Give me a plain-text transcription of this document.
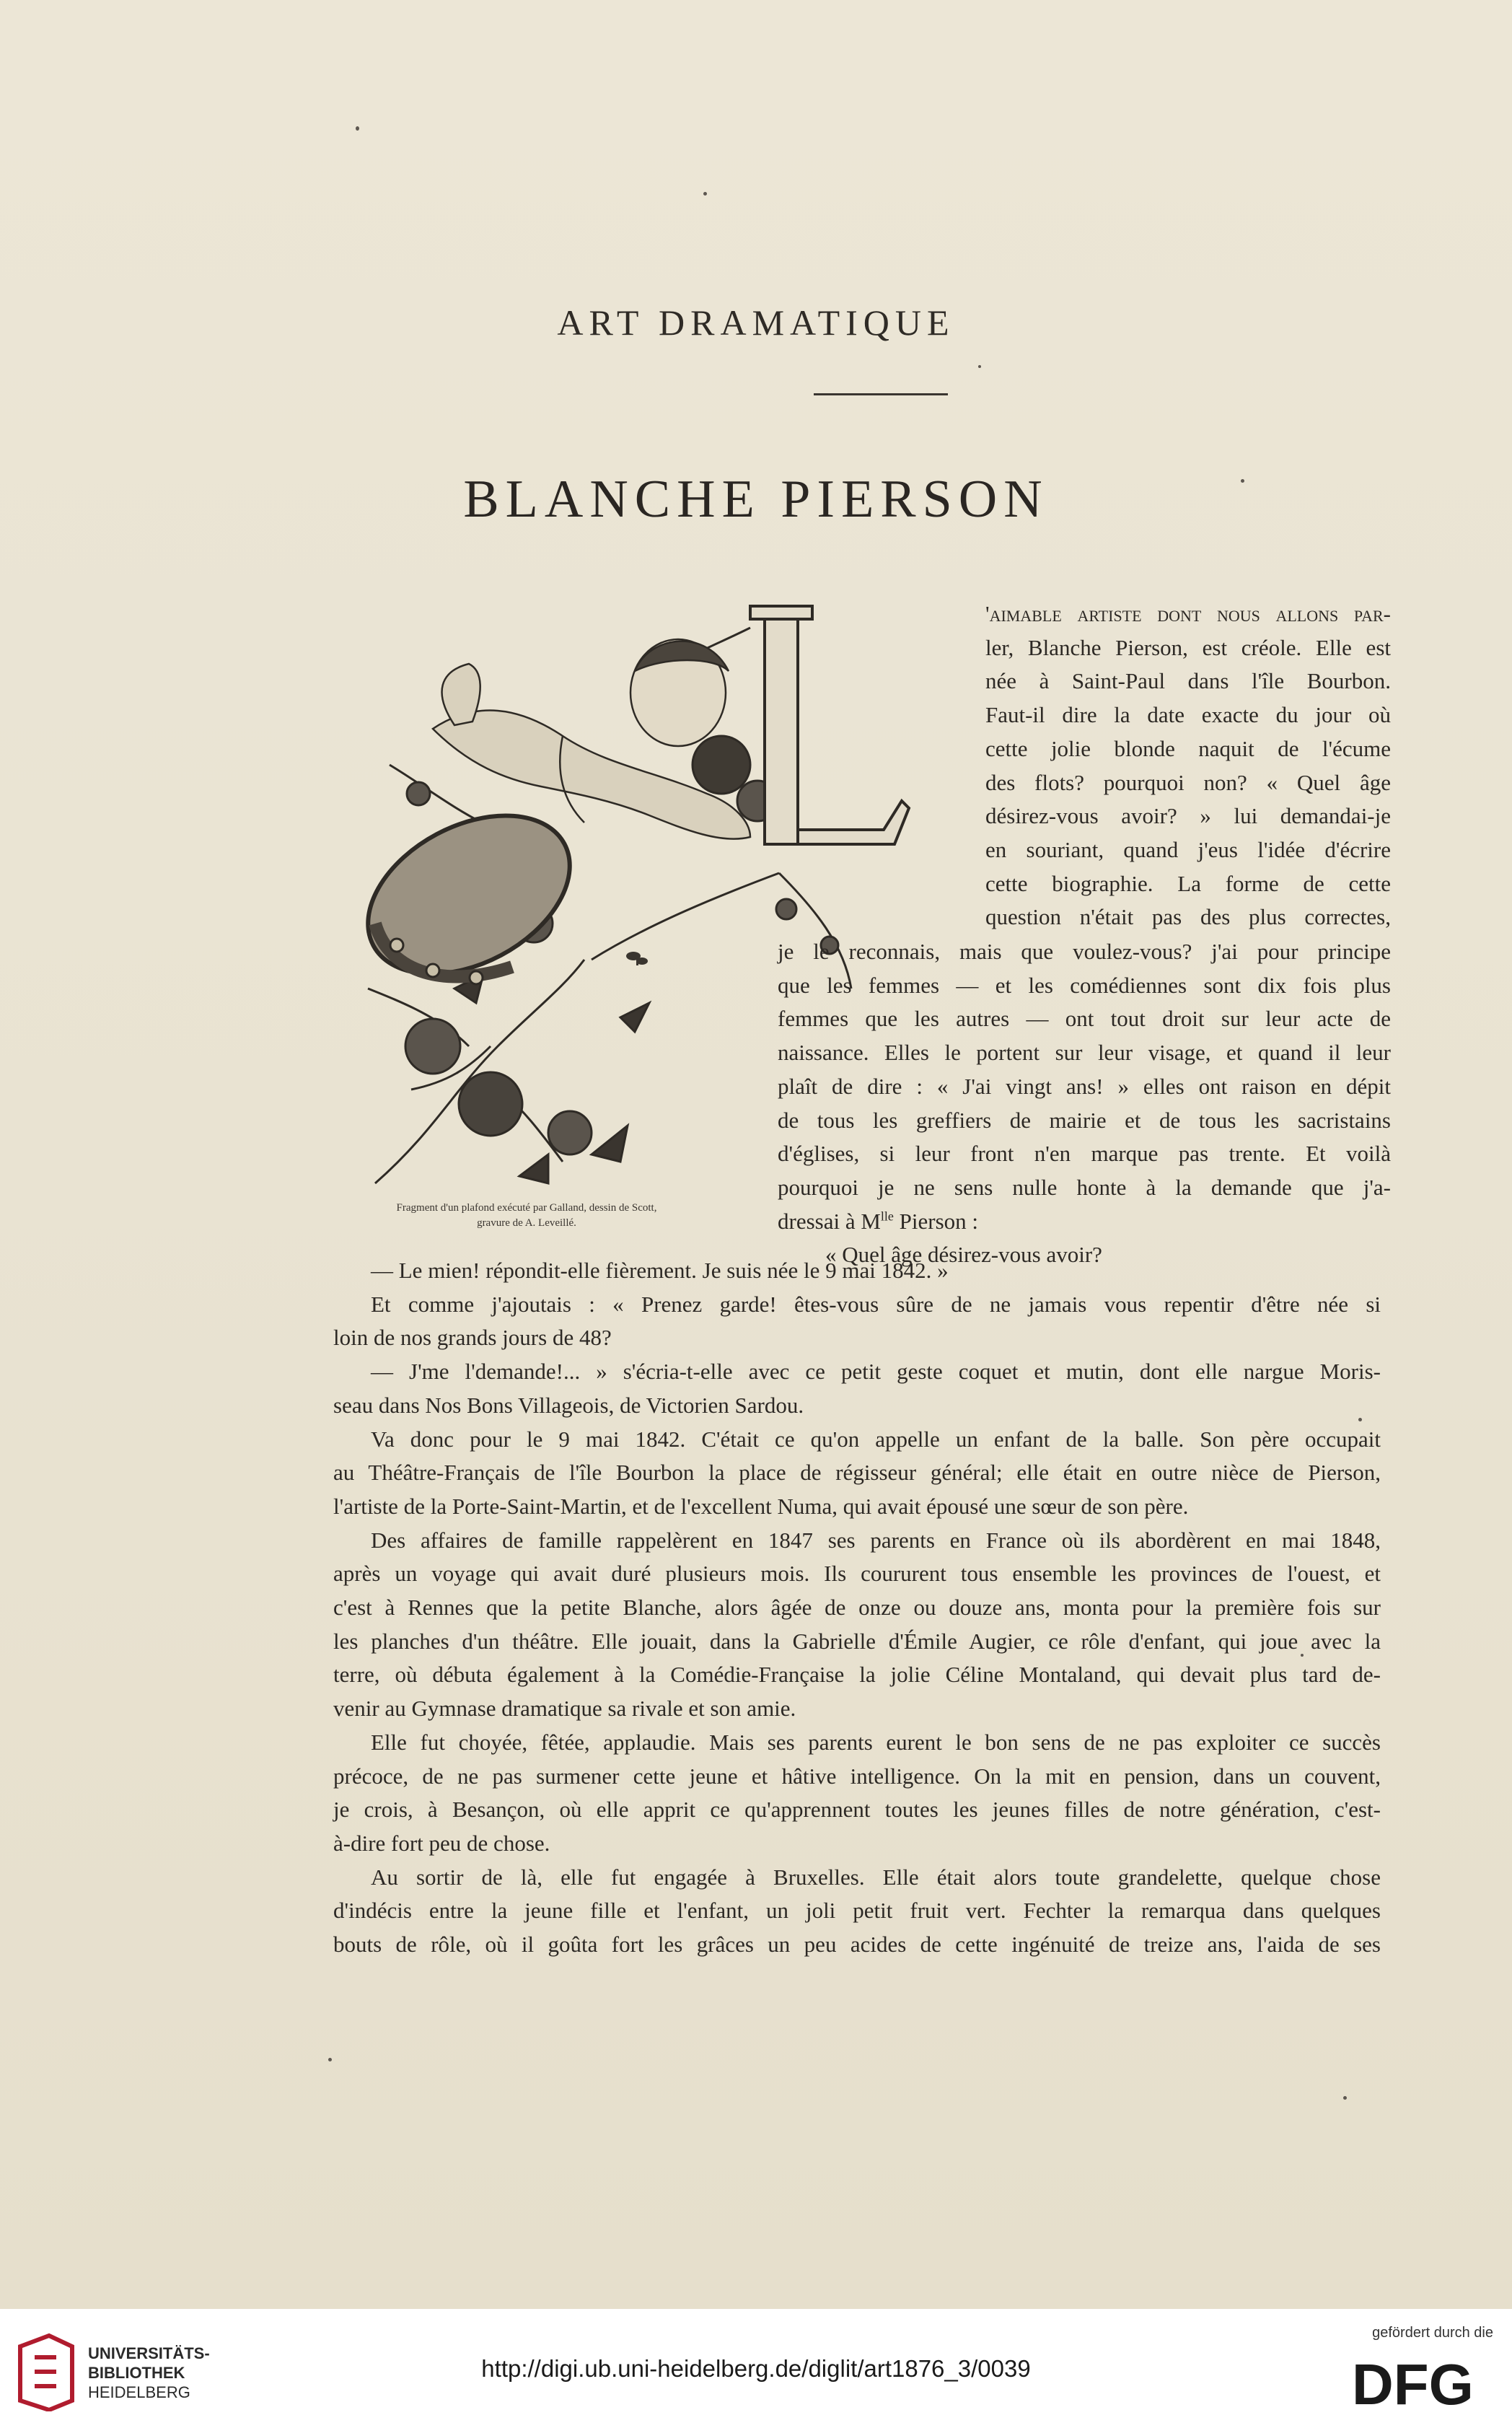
ART DRAMATIQUE
BLANCHE PIERSON
L
Fragment d'un plafond exécuté par Galland, dessin de Scott,
gravure de A. Leveillé.
'aimable artiste dont nous allons par-
ler, Blanche Pierson, est créole. Elle est
née à Saint-Paul dans l'île Bourbon.
Faut-il dire la date exacte du jour où
cette jolie blonde naquit de l'écume
des flots? pourquoi non? « Quel âge
désirez-vous avoir? » lui demandai-je
en souriant, quand j'eus l'idée d'écrire
cette biographie. La forme de cette
question n'était pas des plus correctes,
je le reconnais, mais que voulez-vous? j'ai pour principe
que les femmes — et les comédiennes sont dix fois plus
femmes que les autres — ont tout droit sur leur acte de
naissance. Elles le portent sur leur visage, et quand il leur
plaît de dire : « J'ai vingt ans! » elles ont raison en dépit
de tous les greffiers de mairie et de tous les sacristains
d'églises, si leur front n'en marque pas trente. Et voilà
pourquoi je ne sens nulle honte à la demande que j'a-
dressai à $M^{lle}$ Pierson :
« Quel âge désirez-vous avoir?
— Le mien! répondit-elle fièrement. Je suis née le 9 mai 1842. »
Et comme j'ajoutais : « Prenez garde! êtes-vous sûre de ne jamais vous repentir d'être née si
loin de nos grands jours de 48?
— J'me l'demande!... » s'écria-t-elle avec ce petit geste coquet et mutin, dont elle nargue Moris-
seau dans Nos Bons Villageois, de Victorien Sardou.
Va donc pour le 9 mai 1842. C'était ce qu'on appelle un enfant de la balle. Son père occupait
au Théâtre-Français de l'île Bourbon la place de régisseur général; elle était en outre nièce de Pierson,
l'artiste de la Porte-Saint-Martin, et de l'excellent Numa, qui avait épousé une sœur de son père.
Des affaires de famille rappelèrent en 1847 ses parents en France où ils abordèrent en mai 1848,
après un voyage qui avait duré plusieurs mois. Ils coururent tous ensemble les provinces de l'ouest, et
c'est à Rennes que la petite Blanche, alors âgée de onze ou douze ans, monta pour la première fois sur
les planches d'un théâtre. Elle jouait, dans la Gabrielle d'Émile Augier, ce rôle d'enfant, qui joue avec la
terre, où débuta également à la Comédie-Française la jolie Céline Montaland, qui devait plus tard de-
venir au Gymnase dramatique sa rivale et son amie.
Elle fut choyée, fêtée, applaudie. Mais ses parents eurent le bon sens de ne pas exploiter ce succès
précoce, de ne pas surmener cette jeune et hâtive intelligence. On la mit en pension, dans un couvent,
je crois, à Besançon, où elle apprit ce qu'apprennent toutes les jeunes filles de notre génération, c'est-
à-dire fort peu de chose.
Au sortir de là, elle fut engagée à Bruxelles. Elle était alors toute grandelette, quelque chose
d'indécis entre la jeune fille et l'enfant, un joli petit fruit vert. Fechter la remarqua dans quelques
bouts de rôle, où il goûta fort les grâces un peu acides de cette ingénuité de treize ans, l'aida de ses
UNIVERSITÄTS-
BIBLIOTHEK
HEIDELBERG
http://digi.ub.uni-heidelberg.de/diglit/art1876_3/0039
gefördert durch die
DFG
